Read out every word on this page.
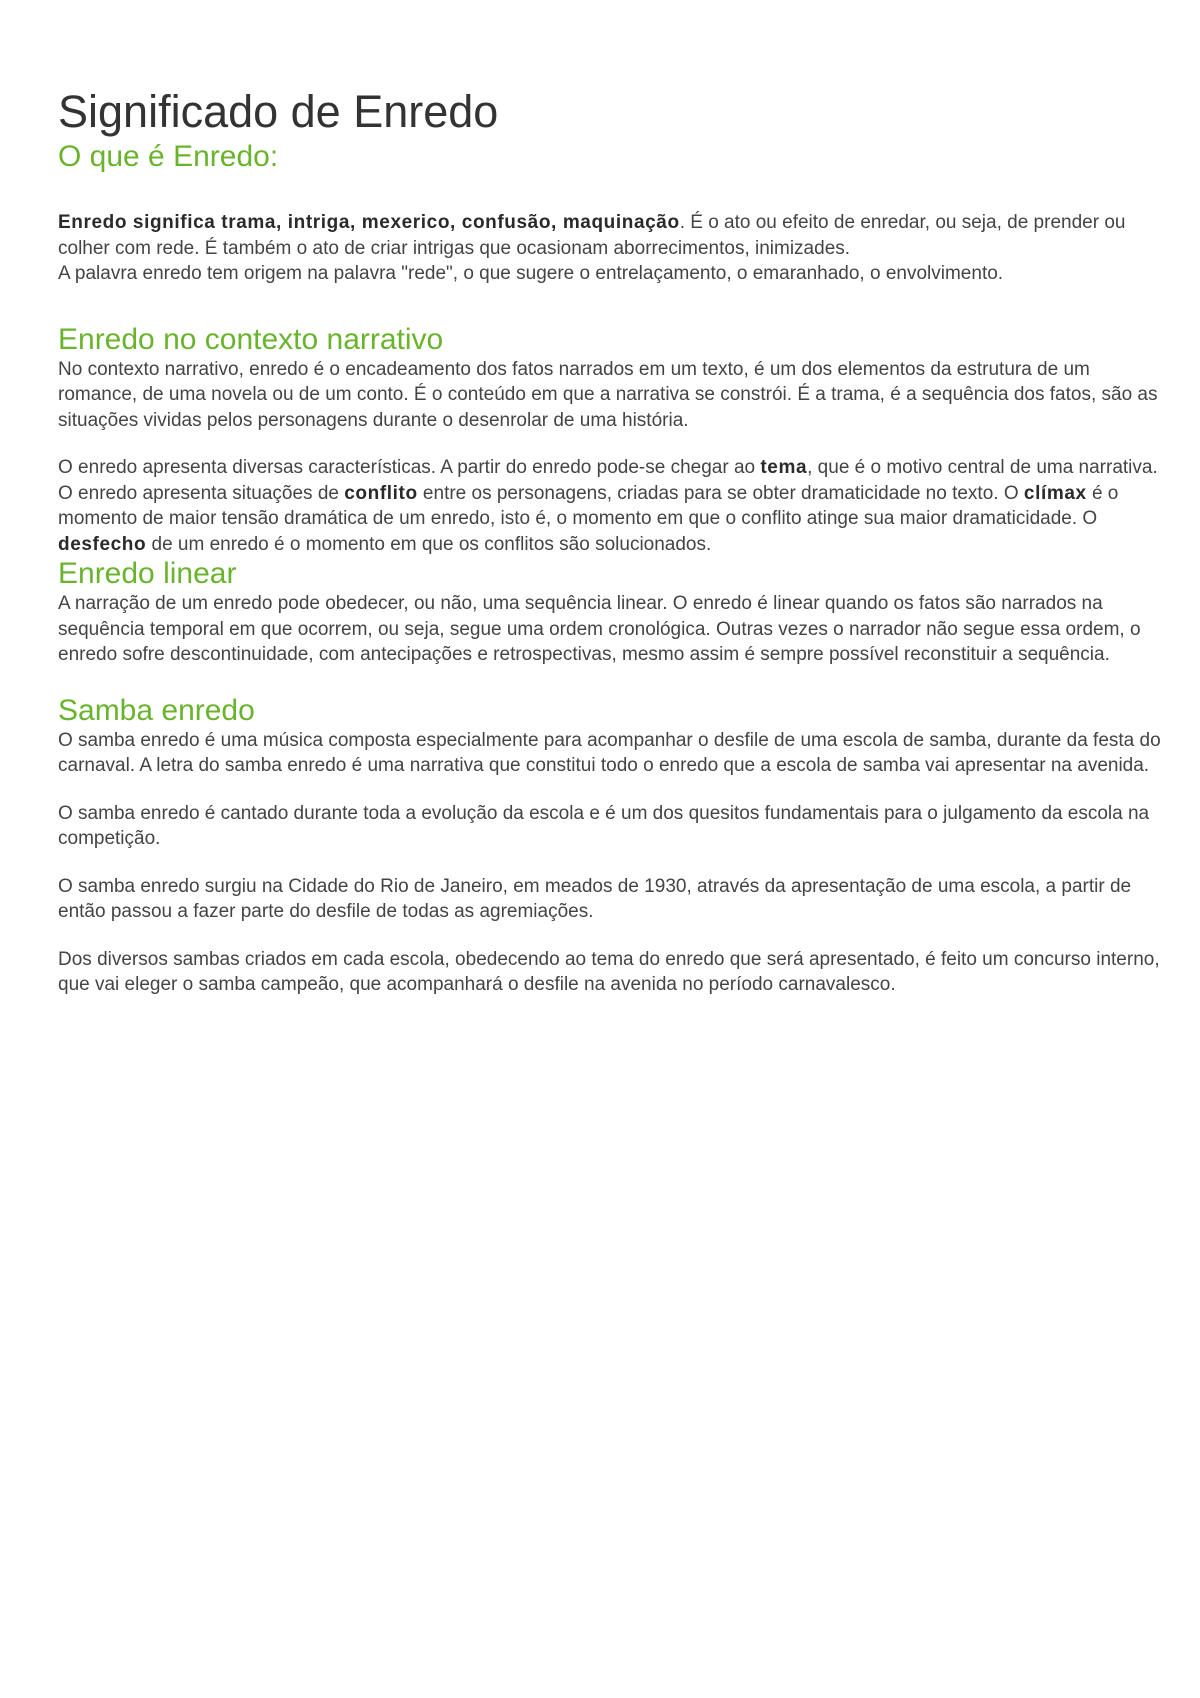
Significado de Enredo
O que é Enredo:

Enredo significa trama, intriga, mexerico, confusão, maquinação. É o ato ou efeito de enredar, ou seja, de prender ou colher com rede. É também o ato de criar intrigas que ocasionam aborrecimentos, inimizades.
A palavra enredo tem origem na palavra "rede", o que sugere o entrelaçamento, o emaranhado, o envolvimento.

Enredo no contexto narrativo

No contexto narrativo, enredo é o encadeamento dos fatos narrados em um texto, é um dos elementos da estrutura de um romance, de uma novela ou de um conto. É o conteúdo em que a narrativa se constrói. É a trama, é a sequência dos fatos, são as situações vividas pelos personagens durante o desenrolar de uma história.

O enredo apresenta diversas características. A partir do enredo pode-se chegar ao tema, que é o motivo central de uma narrativa. O enredo apresenta situações de conflito entre os personagens, criadas para se obter dramaticidade no texto. O clímax é o momento de maior tensão dramática de um enredo, isto é, o momento em que o conflito atinge sua maior dramaticidade. O desfecho de um enredo é o momento em que os conflitos são solucionados.

Enredo linear

A narração de um enredo pode obedecer, ou não, uma sequência linear. O enredo é linear quando os fatos são narrados na sequência temporal em que ocorrem, ou seja, segue uma ordem cronológica. Outras vezes o narrador não segue essa ordem, o enredo sofre descontinuidade, com antecipações e retrospectivas, mesmo assim é sempre possível reconstituir a sequência.

Samba enredo

O samba enredo é uma música composta especialmente para acompanhar o desfile de uma escola de samba, durante da festa do carnaval. A letra do samba enredo é uma narrativa que constitui todo o enredo que a escola de samba vai apresentar na avenida.

O samba enredo é cantado durante toda a evolução da escola e é um dos quesitos fundamentais para o julgamento da escola na competição.

O samba enredo surgiu na Cidade do Rio de Janeiro, em meados de 1930, através da apresentação de uma escola, a partir de então passou a fazer parte do desfile de todas as agremiações.

Dos diversos sambas criados em cada escola, obedecendo ao tema do enredo que será apresentado, é feito um concurso interno, que vai eleger o samba campeão, que acompanhará o desfile na avenida no período carnavalesco.
